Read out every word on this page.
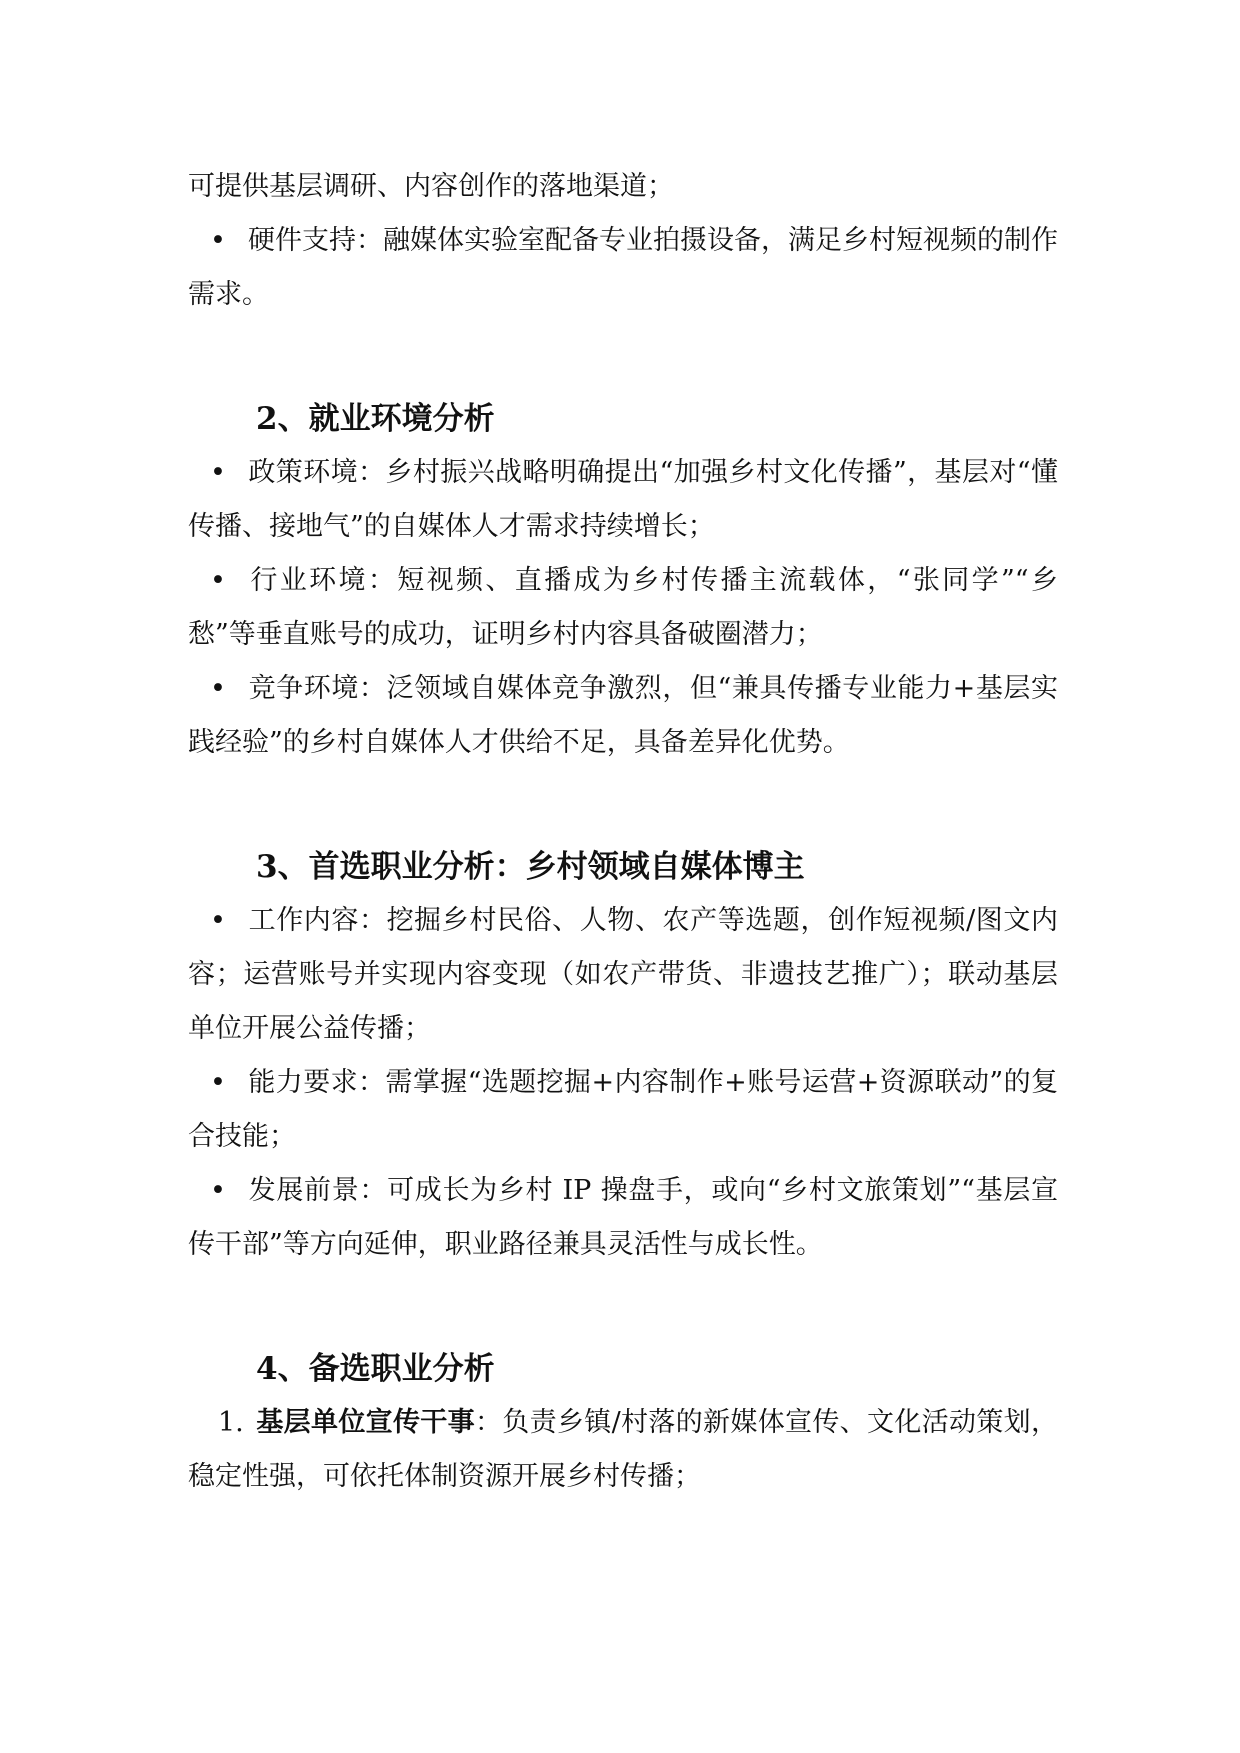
可提供基层调研、内容创作的落地渠道；

• 硬件支持：融媒体实验室配备专业拍摄设备，满足乡村短视频的制作需求。

2、就业环境分析

• 政策环境：乡村振兴战略明确提出“加强乡村文化传播”，基层对“懂传播、接地气”的自媒体人才需求持续增长；

• 行业环境：短视频、直播成为乡村传播主流载体，“张同学”“乡愁”等垂直账号的成功，证明乡村内容具备破圈潜力；

• 竞争环境：泛领域自媒体竞争激烈，但“兼具传播专业能力+基层实践经验”的乡村自媒体人才供给不足，具备差异化优势。

3、首选职业分析：乡村领域自媒体博主

• 工作内容：挖掘乡村民俗、人物、农产等选题，创作短视频/图文内容；运营账号并实现内容变现（如农产带货、非遗技艺推广）；联动基层单位开展公益传播；

• 能力要求：需掌握“选题挖掘+内容制作+账号运营+资源联动”的复合技能；

• 发展前景：可成长为乡村 IP 操盘手，或向“乡村文旅策划”“基层宣传干部”等方向延伸，职业路径兼具灵活性与成长性。

4、备选职业分析

1. 基层单位宣传干事：负责乡镇/村落的新媒体宣传、文化活动策划，稳定性强，可依托体制资源开展乡村传播；
